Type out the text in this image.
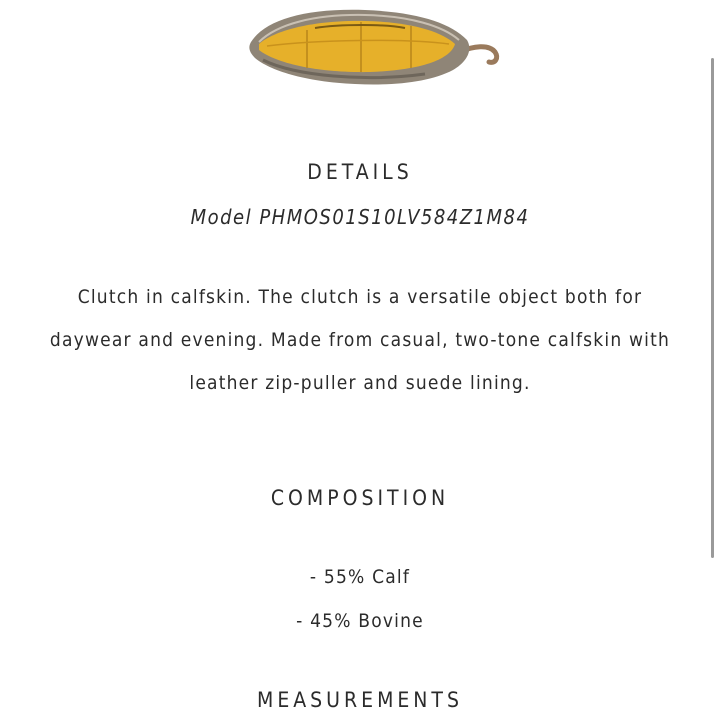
DETAILS
Model PHMOS01S10LV584Z1M84
Clutch in calfskin. The clutch is a versatile object both for daywear and evening. Made from casual, two-tone calfskin with leather zip-puller and suede lining.
COMPOSITION
- 55% Calf
- 45% Bovine
MEASUREMENTS
